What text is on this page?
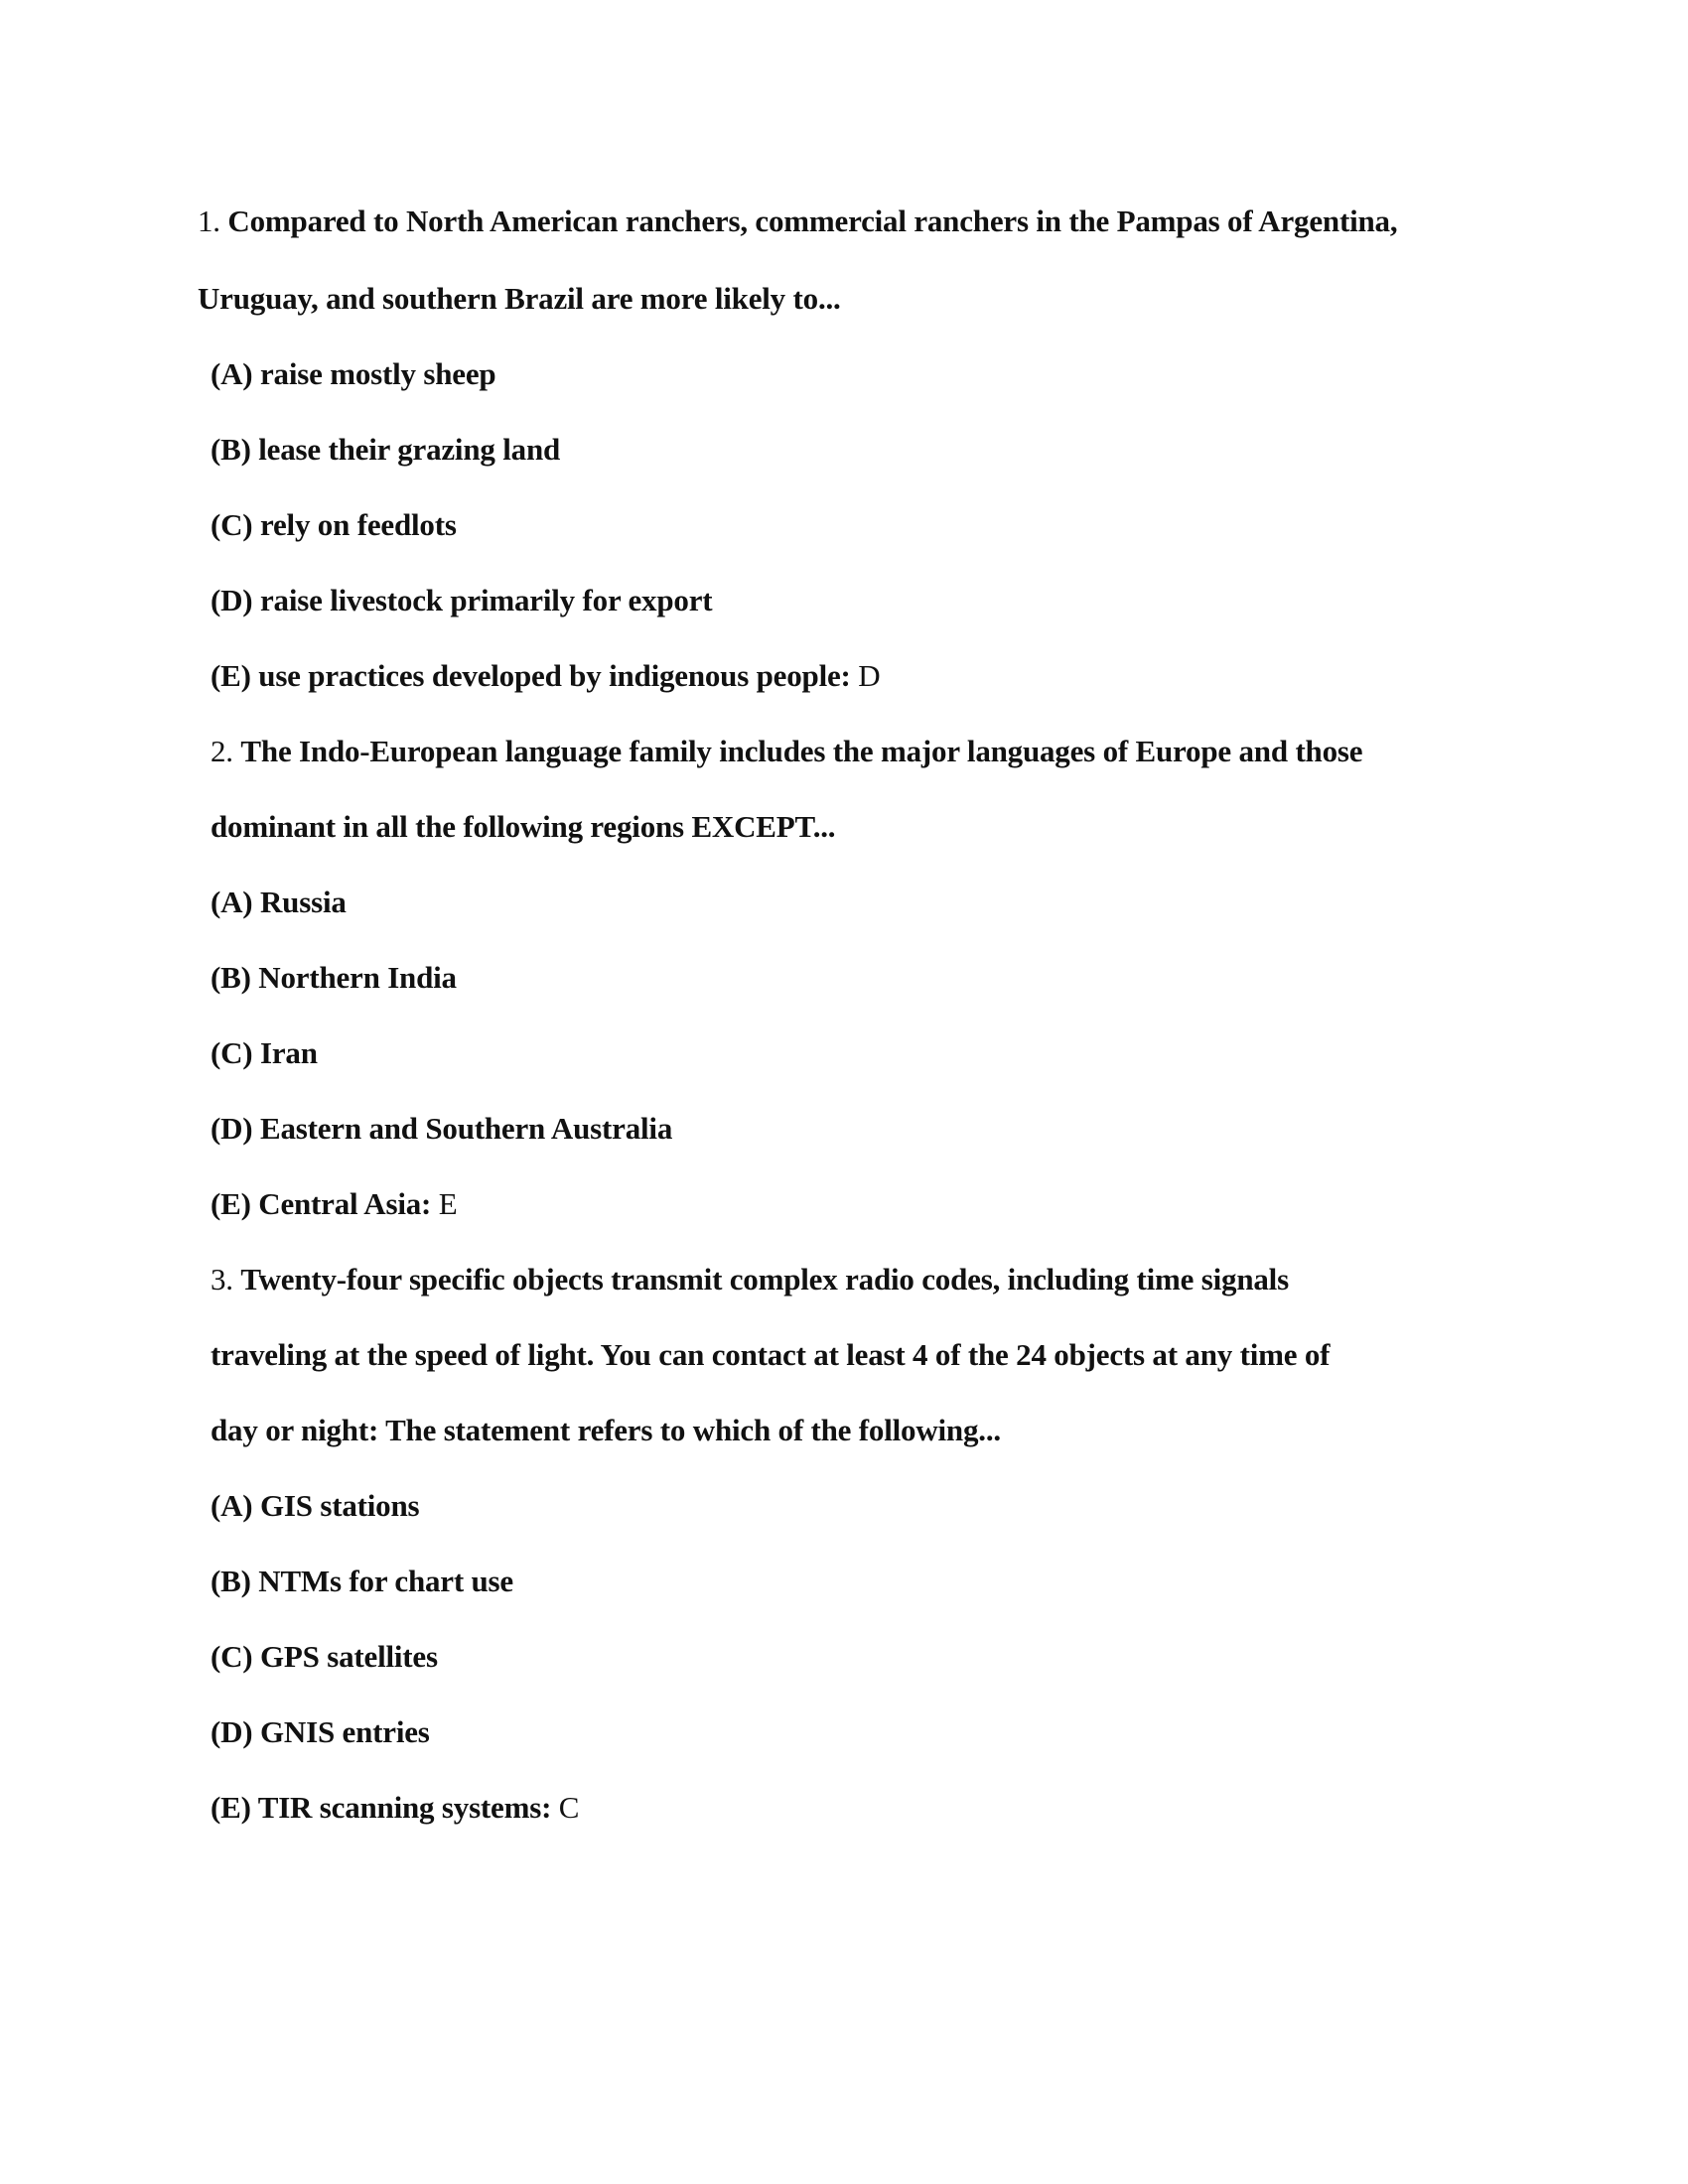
1. Compared to North American ranchers, commercial ranchers in the Pampas of Argentina,
Uruguay, and southern Brazil are more likely to...
(A) raise mostly sheep
(B) lease their grazing land
(C) rely on feedlots
(D) raise livestock primarily for export
(E) use practices developed by indigenous people: D
2. The Indo-European language family includes the major languages of Europe and those
dominant in all the following regions EXCEPT...
(A) Russia
(B) Northern India
(C) Iran
(D) Eastern and Southern Australia
(E) Central Asia: E
3. Twenty-four specific objects transmit complex radio codes, including time signals
traveling at the speed of light. You can contact at least 4 of the 24 objects at any time of
day or night: The statement refers to which of the following...
(A) GIS stations
(B) NTMs for chart use
(C) GPS satellites
(D) GNIS entries
(E) TIR scanning systems: C
